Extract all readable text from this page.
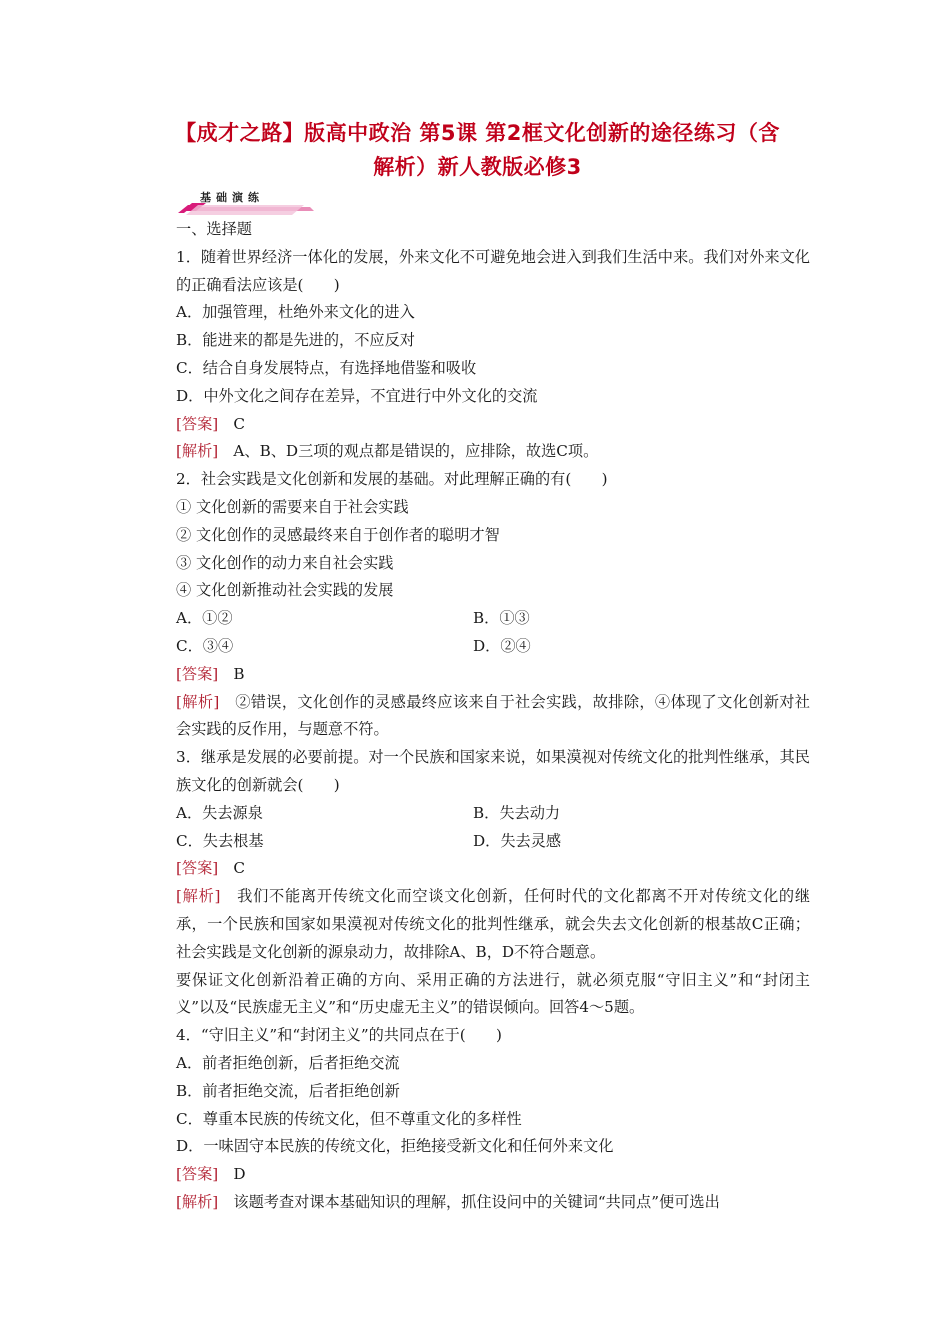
【成才之路】版高中政治 第5课 第2框文化创新的途径练习（含
解析）新人教版必修3
基础演练

一、选择题

1．随着世界经济一体化的发展，外来文化不可避免地会进入到我们生活中来。我们对外来文化的正确看法应该是(　　)

A．加强管理，杜绝外来文化的进入

B．能进来的都是先进的，不应反对

C．结合自身发展特点，有选择地借鉴和吸收

D．中外文化之间存在差异，不宜进行中外文化的交流

[答案]　 C

[解析]　 A、B、D三项的观点都是错误的，应排除，故选C项。

2．社会实践是文化创新和发展的基础。对此理解正确的有(　　)

① 文化创新的需要来自于社会实践

② 文化创作的灵感最终来自于创作者的聪明才智

③ 文化创作的动力来自社会实践

④ 文化创新推动社会实践的发展

A．①②	B．①③
C．③④	D．②④

[答案]　 B

[解析]　 ②错误，文化创作的灵感最终应该来自于社会实践，故排除，④体现了文化创新对社会实践的反作用，与题意不符。

3．继承是发展的必要前提。对一个民族和国家来说，如果漠视对传统文化的批判性继承，其民族文化的创新就会(　　)

A．失去源泉	B．失去动力
C．失去根基	D．失去灵感

[答案]　 C

[解析]　 我们不能离开传统文化而空谈文化创新，任何时代的文化都离不开对传统文化的继承，一个民族和国家如果漠视对传统文化的批判性继承，就会失去文化创新的根基故C正确；社会实践是文化创新的源泉动力，故排除A、B，D不符合题意。

要保证文化创新沿着正确的方向、采用正确的方法进行，就必须克服“守旧主义”和“封闭主义”以及“民族虚无主义”和“历史虚无主义”的错误倾向。回答4～5题。

4．“守旧主义”和“封闭主义”的共同点在于(　　)

A．前者拒绝创新，后者拒绝交流

B．前者拒绝交流，后者拒绝创新

C．尊重本民族的传统文化，但不尊重文化的多样性

D．一味固守本民族的传统文化，拒绝接受新文化和任何外来文化

[答案]　 D

[解析]　 该题考查对课本基础知识的理解，抓住设问中的关键词“共同点”便可选出
